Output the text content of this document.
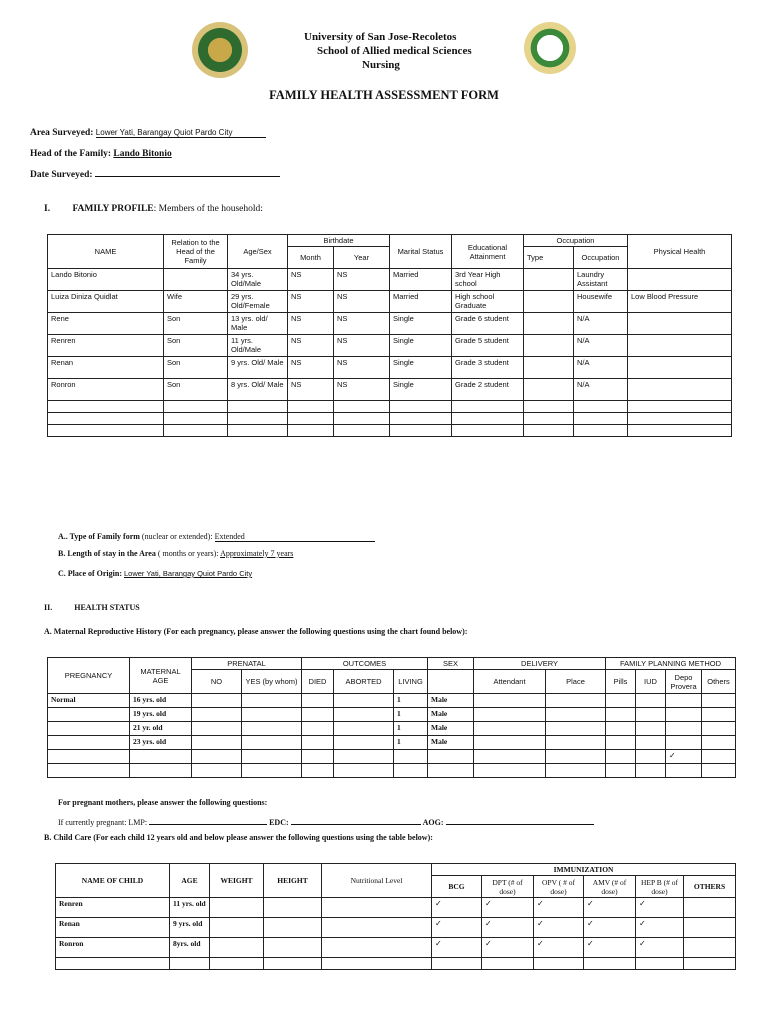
University of San Jose-Recoletos
School of Allied medical Sciences
Nursing
FAMILY HEALTH ASSESSMENT FORM
Area Surveyed: Lower Yati, Barangay Quiot Pardo City
Head of the Family: Lando Bitonio
Date Surveyed:
I. FAMILY PROFILE: Members of the household:
NAME	Relation to the Head of the Family	Age/Sex	Birthdate		Marital Status	Educational Attainment	Occupation		Physical Health
			Month	Year			Type	Occupation	
Lando Bitonio		34 yrs. Old/Male	NS	NS	Married	3rd Year High school		Laundry Assistant	
Luiza Diniza Quidlat	Wife	29 yrs. Old/Female	NS	NS	Married	High school Graduate		Housewife	Low Blood Pressure
Rene	Son	13 yrs. old/ Male	NS	NS	Single	Grade 6 student		N/A	
Renren	Son	11 yrs. Old/Male	NS	NS	Single	Grade 5 student		N/A	
Renan	Son	9 yrs. Old/ Male	NS	NS	Single	Grade 3 student		N/A	
Ronron	Son	8 yrs. Old/ Male	NS	NS	Single	Grade 2 student		N/A	

A.. Type of Family form (nuclear or extended): Extended
B. Length of stay in the Area ( months or years): Approximately 7 years
C. Place of Origin: Lower Yati, Barangay Quiot Pardo City
II.	HEALTH STATUS
A. Maternal Reproductive History (For each pregnancy, please answer the following questions using the chart found below):
PREGNANCY	MATERNAL AGE	PRENATAL		OUTCOMES			SEX	DELIVERY		FAMILY PLANNING METHOD			
		NO	YES (by whom)	DIED	ABORTED	LIVING		Attendant	Place	Pills	IUD	Depo Provera	Others
Normal	16 yrs. old					1	Male						
	19 yrs. old					1	Male						
	21 yr. old					1	Male						
	23 yrs. old					1	Male						
												✓	

For pregnant mothers, please answer the following questions:
If currently pregnant: LMP:	EDC:	AOG:
B. Child Care (For each child 12 years old and below please answer the following questions using the table below):
NAME OF CHILD	AGE	WEIGHT	HEIGHT	Nutritional Level	IMMUNIZATION					
					BCG	DPT (# of dose)	OPV ( # of dose)	AMV (# of dose)	HEP B (# of dose)	OTHERS
Renren	11 yrs. old				✓	✓	✓	✓	✓	
Renan	9 yrs. old				✓	✓	✓	✓	✓	
Ronron	8yrs. old				✓	✓	✓	✓	✓	
